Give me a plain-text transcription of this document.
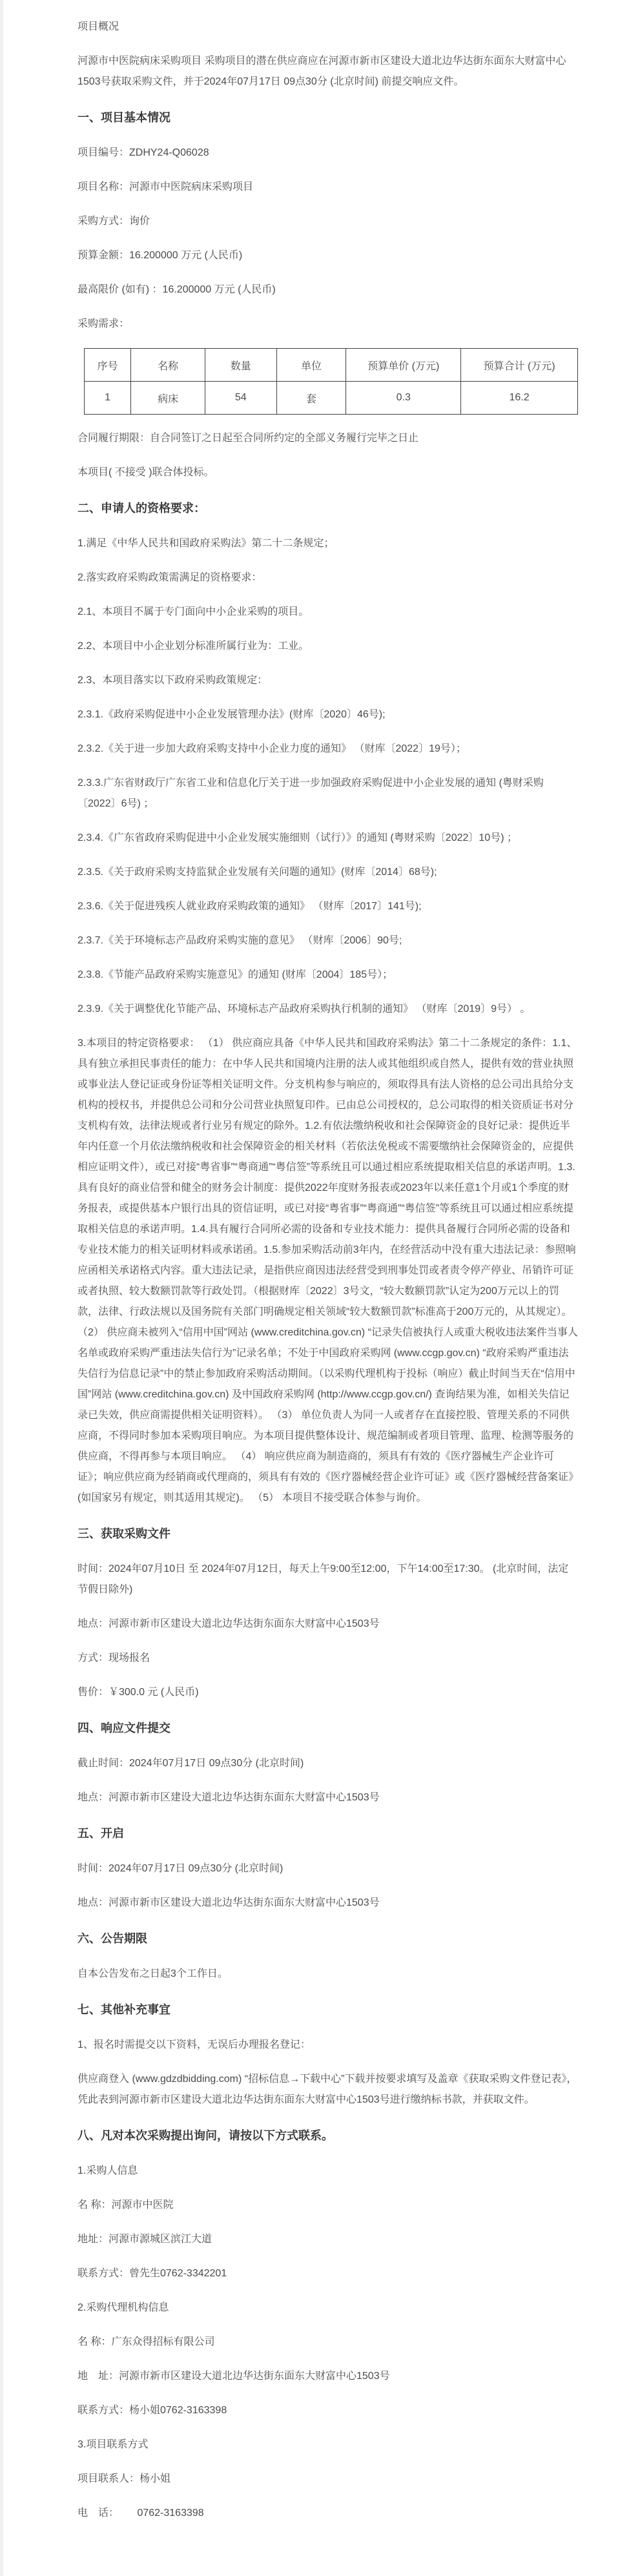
项目概况

河源市中医院病床采购项目 采购项目的潜在供应商应在河源市新市区建设大道北边华达街东面东大财富中心1503号获取采购文件，并于2024年07月17日 09点30分 (北京时间) 前提交响应文件。

一、项目基本情况

项目编号：ZDHY24-Q06028

项目名称：河源市中医院病床采购项目

采购方式：询价

预算金额：16.200000 万元 (人民币)

最高限价 (如有) ：16.200000 万元 (人民币)

采购需求：

序号	名称	数量	单位	预算单价 (万元)	预算合计 (万元)
1	病床	54	套	0.3	16.2

合同履行期限：自合同签订之日起至合同所约定的全部义务履行完毕之日止

本项目( 不接受 )联合体投标。

二、申请人的资格要求：

1.满足《中华人民共和国政府采购法》第二十二条规定；

2.落实政府采购政策需满足的资格要求：

2.1、本项目不属于专门面向中小企业采购的项目。

2.2、本项目中小企业划分标准所属行业为：工业。

2.3、本项目落实以下政府采购政策规定：

2.3.1.《政府采购促进中小企业发展管理办法》(财库〔2020〕46号);

2.3.2.《关于进一步加大政府采购支持中小企业力度的通知》 （财库〔2022〕19号）；

2.3.3.广东省财政厅广东省工业和信息化厅关于进一步加强政府采购促进中小企业发展的通知 (粤财采购〔2022〕6号) ；

2.3.4.《广东省政府采购促进中小企业发展实施细则（试行）》的通知 (粤财采购〔2022〕10号) ；

2.3.5.《关于政府采购支持监狱企业发展有关问题的通知》(财库〔2014〕68号);

2.3.6.《关于促进残疾人就业政府采购政策的通知》 （财库〔2017〕141号);

2.3.7.《关于环境标志产品政府采购实施的意见》 （财库〔2006〕90号;

2.3.8.《节能产品政府采购实施意见》的通知 (财库〔2004〕185号）；

2.3.9.《关于调整优化节能产品、环境标志产品政府采购执行机制的通知》 （财库〔2019〕9号） 。

3.本项目的特定资格要求： （1） 供应商应具备《中华人民共和国政府采购法》第二十二条规定的条件：1.1、具有独立承担民事责任的能力：在中华人民共和国境内注册的法人或其他组织或自然人，提供有效的营业执照或事业法人登记证或身份证等相关证明文件。分支机构参与响应的，须取得具有法人资格的总公司出具给分支机构的授权书，并提供总公司和分公司营业执照复印件。已由总公司授权的，总公司取得的相关资质证书对分支机构有效，法律法规或者行业另有规定的除外。1.2.有依法缴纳税收和社会保障资金的良好记录：提供近半年内任意一个月依法缴纳税收和社会保障资金的相关材料（若依法免税或不需要缴纳社会保障资金的，应提供相应证明文件），或已对接“粤省事”“粤商通”“粤信签”等系统且可以通过相应系统提取相关信息的承诺声明。1.3.具有良好的商业信誉和健全的财务会计制度：提供2022年度财务报表或2023年以来任意1个月或1个季度的财务报表，或提供基本户银行出具的资信证明，或已对接“粤省事”“粤商通”“粤信签”等系统且可以通过相应系统提取相关信息的承诺声明。1.4.具有履行合同所必需的设备和专业技术能力：提供具备履行合同所必需的设备和专业技术能力的相关证明材料或承诺函。1.5.参加采购活动前3年内，在经营活动中没有重大违法记录：参照响应函相关承诺格式内容。重大违法记录，是指供应商因违法经营受到刑事处罚或者责令停产停业、吊销许可证或者执照、较大数额罚款等行政处罚。（根据财库〔2022〕3号文，“较大数额罚款”认定为200万元以上的罚款，法律、行政法规以及国务院有关部门明确规定相关领域“较大数额罚款”标准高于200万元的，从其规定）。 （2） 供应商未被列入“信用中国”网站 (www.creditchina.gov.cn) “记录失信被执行人或重大税收违法案件当事人名单或政府采购严重违法失信行为”记录名单；不处于中国政府采购网 (www.ccgp.gov.cn) “政府采购严重违法失信行为信息记录”中的禁止参加政府采购活动期间。（以采购代理机构于投标（响应）截止时间当天在“信用中国”网站 (www.creditchina.gov.cn) 及中国政府采购网 (http://www.ccgp.gov.cn/) 查询结果为准，如相关失信记录已失效，供应商需提供相关证明资料）。 （3） 单位负责人为同一人或者存在直接控股、管理关系的不同供应商，不得同时参加本采购项目响应。为本项目提供整体设计、规范编制或者项目管理、监理、检测等服务的供应商，不得再参与本项目响应。 （4） 响应供应商为制造商的，须具有有效的《医疗器械生产企业许可证》；响应供应商为经销商或代理商的，须具有有效的《医疗器械经营企业许可证》或《医疗器械经营备案证》(如国家另有规定，则其适用其规定)。 （5） 本项目不接受联合体参与询价。

三、获取采购文件

时间：2024年07月10日 至 2024年07月12日，每天上午9:00至12:00，下午14:00至17:30。 (北京时间，法定节假日除外)

地点：河源市新市区建设大道北边华达街东面东大财富中心1503号

方式：现场报名

售价：￥300.0 元 (人民币)

四、响应文件提交

截止时间：2024年07月17日 09点30分 (北京时间)

地点：河源市新市区建设大道北边华达街东面东大财富中心1503号

五、开启

时间：2024年07月17日 09点30分 (北京时间)

地点：河源市新市区建设大道北边华达街东面东大财富中心1503号

六、公告期限

自本公告发布之日起3个工作日。

七、其他补充事宜

1、报名时需提交以下资料，无误后办理报名登记：

供应商登入 (www.gdzdbidding.com) “招标信息→下载中心”下载并按要求填写及盖章《获取采购文件登记表》，凭此表到河源市新市区建设大道北边华达街东面东大财富中心1503号进行缴纳标书款，并获取文件。

八、凡对本次采购提出询问，请按以下方式联系。

1.采购人信息

名 称：河源市中医院

地址：河源市源城区滨江大道

联系方式：曾先生0762-3342201

2.采购代理机构信息

名 称：广东众得招标有限公司

地　址：河源市新市区建设大道北边华达街东面东大财富中心1503号

联系方式：杨小姐0762-3163398

3.项目联系方式

项目联系人：杨小姐

电　话：　　 0762-3163398
